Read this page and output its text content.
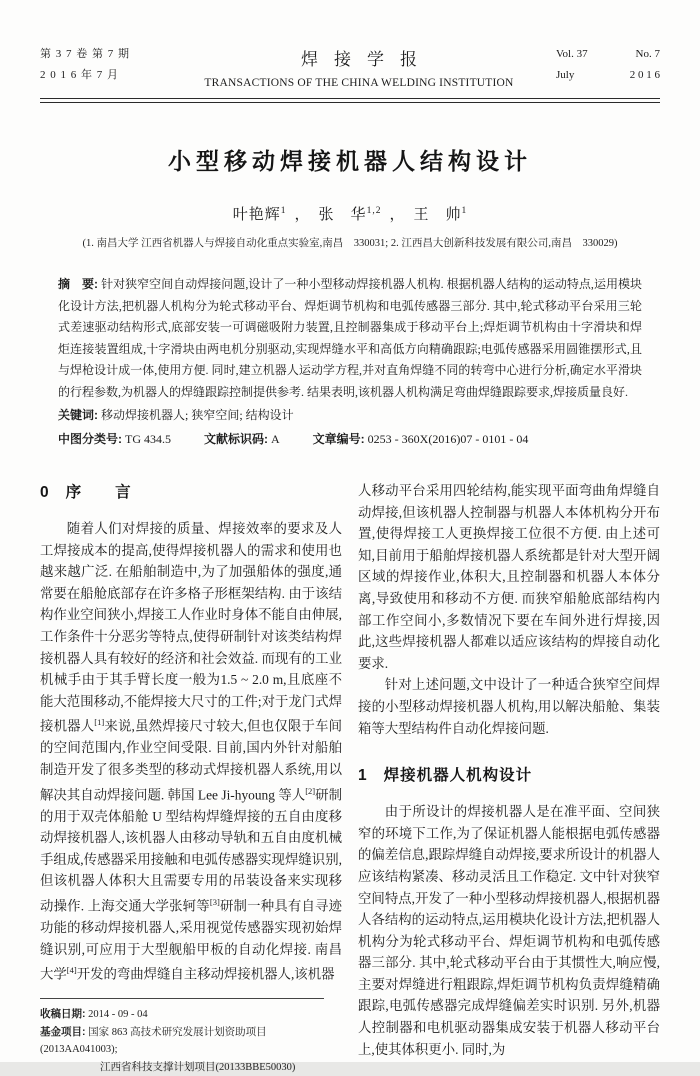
第 3 7 卷 第 7 期
2 0 1 6 年 7 月
焊接学报
TRANSACTIONS OF THE CHINA WELDING INSTITUTION
Vol. 37	No. 7
July	2 0 1 6
小型移动焊接机器人结构设计
叶艳辉$^1$ ， 张　华$^{1,2}$ ， 王　帅$^1$
(1. 南昌大学 江西省机器人与焊接自动化重点实验室,南昌　330031; 2. 江西昌大创新科技发展有限公司,南昌　330029)
摘　要: 针对狭窄空间自动焊接问题,设计了一种小型移动焊接机器人机构. 根据机器人结构的运动特点,运用模块化设计方法,把机器人机构分为轮式移动平台、焊炬调节机构和电弧传感器三部分. 其中,轮式移动平台采用三轮式差速驱动结构形式,底部安装一可调磁吸附力装置,且控制器集成于移动平台上;焊炬调节机构由十字滑块和焊炬连接装置组成,十字滑块由两电机分别驱动,实现焊缝水平和高低方向精确跟踪;电弧传感器采用圆锥摆形式,且与焊枪设计成一体,使用方便. 同时,建立机器人运动学方程,并对直角焊缝不同的转弯中心进行分析,确定水平滑块的行程参数,为机器人的焊缝跟踪控制提供参考. 结果表明,该机器人机构满足弯曲焊缝跟踪要求,焊接质量良好.
关键词: 移动焊接机器人; 狭窄空间; 结构设计
中图分类号: TG 434.5	文献标识码: A	文章编号: 0253 - 360X(2016)07 - 0101 - 04
0 序　　言

随着人们对焊接的质量、焊接效率的要求及人工焊接成本的提高,使得焊接机器人的需求和使用也越来越广泛. 在船舶制造中,为了加强船体的强度,通常要在船舱底部存在许多格子形框架结构. 由于该结构作业空间狭小,焊接工人作业时身体不能自由伸展,工作条件十分恶劣等特点,使得研制针对该类结构焊接机器人具有较好的经济和社会效益. 而现有的工业机械手由于其手臂长度一般为1.5 ~ 2.0 m,且底座不能大范围移动,不能焊接大尺寸的工件;对于龙门式焊接机器人[1]来说,虽然焊接尺寸较大,但也仅限于车间的空间范围内,作业空间受限. 目前,国内外针对船舶制造开发了很多类型的移动式焊接机器人系统,用以解决其自动焊接问题. 韩国 Lee Ji-hyoung 等人[2]研制的用于双壳体船舱 U 型结构焊缝焊接的五自由度移动焊接机器人,该机器人由移动导轨和五自由度机械手组成,传感器采用接触和电弧传感器实现焊缝识别,但该机器人体积大且需要专用的吊装设备来实现移动操作. 上海交通大学张轲等[3]研制一种具有自寻迹功能的移动焊接机器人,采用视觉传感器实现初始焊缝识别,可应用于大型舰船甲板的自动化焊接. 南昌大学[4]开发的弯曲焊缝自主移动焊接机器人,该机器

收稿日期: 2014 - 09 - 04
基金项目: 国家 863 高技术研究发展计划资助项目(2013AA041003);
江西省科技支撑计划项目(20133BBE50030)

人移动平台采用四轮结构,能实现平面弯曲角焊缝自动焊接,但该机器人控制器与机器人本体机构分开布置,使得焊接工人更换焊接工位很不方便. 由上述可知,目前用于船舶焊接机器人系统都是针对大型开阔区域的焊接作业,体积大,且控制器和机器人本体分离,导致使用和移动不方便. 而狭窄船舱底部结构内部工作空间小,多数情况下要在车间外进行焊接,因此,这些焊接机器人都难以适应该结构的焊接自动化要求.

针对上述问题,文中设计了一种适合狭窄空间焊接的小型移动焊接机器人机构,用以解决船舱、集装箱等大型结构件自动化焊接问题.

1 焊接机器人机构设计

由于所设计的焊接机器人是在准平面、空间狭窄的环境下工作,为了保证机器人能根据电弧传感器的偏差信息,跟踪焊缝自动焊接,要求所设计的机器人应该结构紧凑、移动灵活且工作稳定. 文中针对狭窄空间特点,开发了一种小型移动焊接机器人,根据机器人各结构的运动特点,运用模块化设计方法,把机器人机构分为轮式移动平台、焊炬调节机构和电弧传感器三部分. 其中,轮式移动平台由于其惯性大,响应慢,主要对焊缝进行粗跟踪,焊炬调节机构负责焊缝精确跟踪,电弧传感器完成焊缝偏差实时识别. 另外,机器人控制器和电机驱动器集成安装于机器人移动平台上,使其体积更小. 同时,为
